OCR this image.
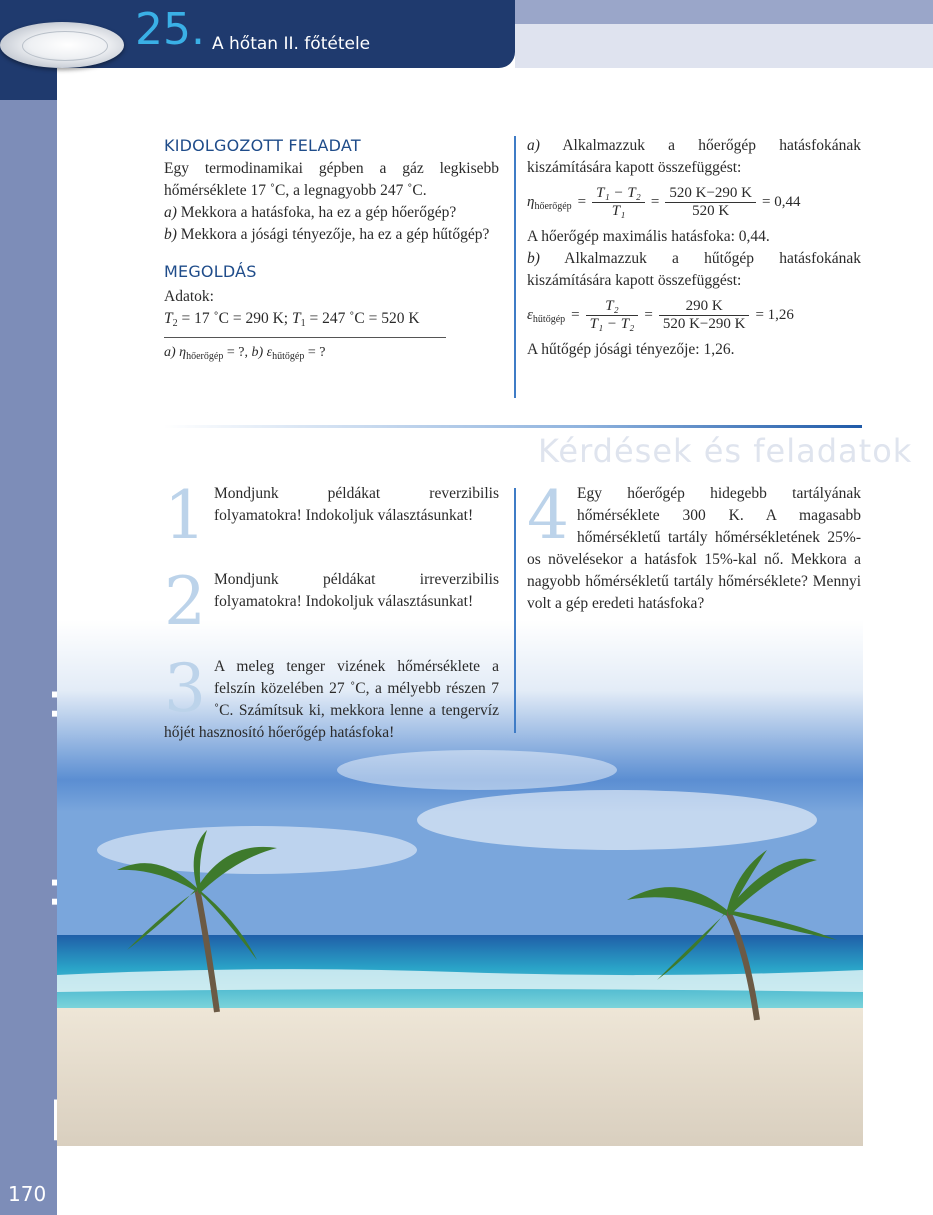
170
25. A hőtan II. főtétele
KIDOLGOZOTT FELADAT

Egy termodinamikai gépben a gáz legkisebb hőmérséklete 17 ˚C, a legnagyobb 247 ˚C.

a) Mekkora a hatásfoka, ha ez a gép hőerőgép?

b) Mekkora a jósági tényezője, ha ez a gép hűtőgép?

MEGOLDÁS

Adatok:

$T_2 = 17$ ˚C = 290 K; $T_1 = 247$ ˚C = 520 K

a) $\eta_{hőerőgép}$ = ?, b) $\varepsilon_{hűtőgép}$ = ?

a) Alkalmazzuk a hőerőgép hatásfokának kiszámítására kapott összefüggést:

$\eta_{hőerőgép} = \frac{\text{T₁ − T₂}}{\text{T₁}} = \frac{520 K-290 K}{520 K} = 0,44$

A hőerőgép maximális hatásfoka: 0,44.

b) Alkalmazzuk a hűtőgép hatásfokának kiszámítására kapott összefüggést:

$\varepsilon_{hűtőgép} = \frac{\text{T₂}}{\text{T₁ − T₂}} = \frac{290 K}{520 K-290 K} = 1,26$

A hűtőgép jósági tényezője: 1,26.

Kérdések és feladatok
1 Mondjunk példákat reverzibilis folyamatokra! Indokoljuk választásunkat!
2 Mondjunk példákat irreverzibilis folyamatokra! Indokoljuk választásunkat!
3 A meleg tenger vizének hőmérséklete a felszín közelében 27 ˚C, a mélyebb részen 7 ˚C. Számítsuk ki, mekkora lenne a tengervíz hőjét hasznosító hőerőgép hatásfoka!
4 Egy hőerőgép hidegebb tartályának hőmérséklete 300 K. A magasabb hőmérsékletű tartály hőmérsékletének 25%-os növelésekor a hatásfok 15%-kal nő. Mekkora a nagyobb hőmérsékletű tartály hőmérséklete? Mennyi volt a gép eredeti hatásfoka?
